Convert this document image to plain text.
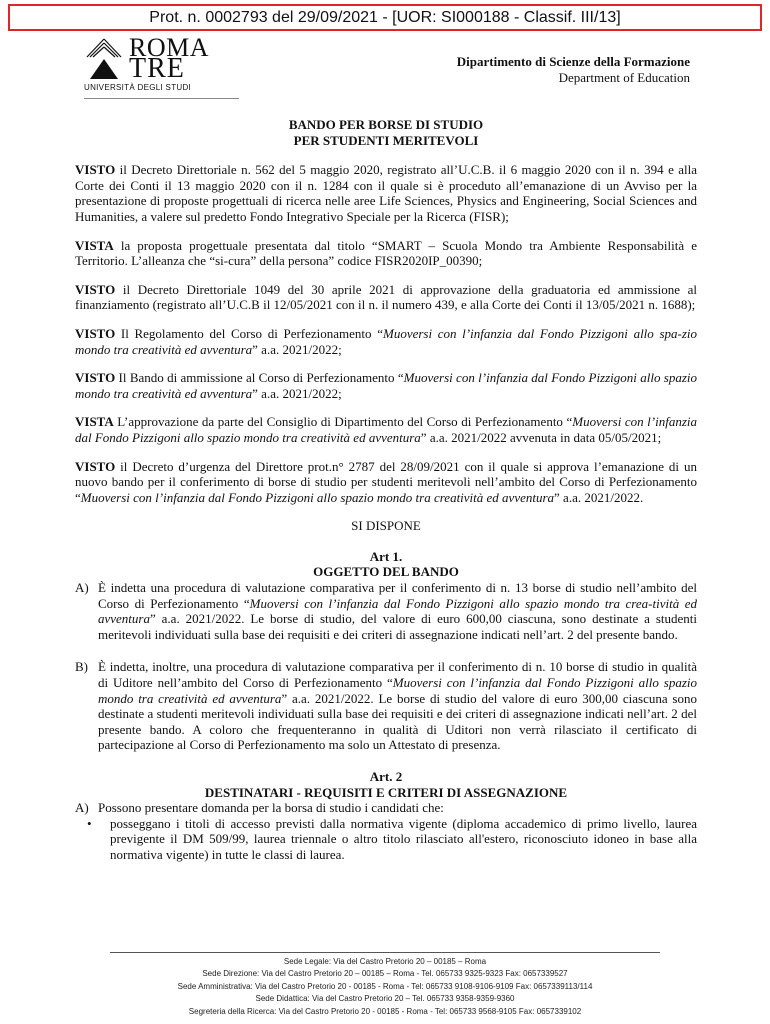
Prot. n. 0002793 del 29/09/2021 - [UOR: SI000188 - Classif. III/13]
ROMA
TRE
UNIVERSITÀ DEGLI STUDI
Dipartimento di Scienze della Formazione
Department of Education
BANDO PER BORSE DI STUDIO
PER STUDENTI MERITEVOLI

VISTO il Decreto Direttoriale n. 562 del 5 maggio 2020, registrato all’U.C.B. il 6 maggio 2020 con il n. 394 e alla Corte dei Conti il 13 maggio 2020 con il n. 1284 con il quale si è proceduto all’emanazione di un Avviso per la presentazione di proposte progettuali di ricerca nelle aree Life Sciences, Physics and Engineering, Social Sciences and Humanities, a valere sul predetto Fondo Integrativo Speciale per la Ricerca (FISR);

VISTA la proposta progettuale presentata dal titolo “SMART – Scuola Mondo tra Ambiente Responsabilità e Territorio. L’alleanza che “si-cura” della persona” codice FISR2020IP_00390;

VISTO il Decreto Direttoriale 1049 del 30 aprile 2021 di approvazione della graduatoria ed ammissione al finanziamento (registrato all’U.C.B il 12/05/2021 con il n. il numero 439, e alla Corte dei Conti il 13/05/2021 n. 1688);

VISTO Il Regolamento del Corso di Perfezionamento “Muoversi con l’infanzia dal Fondo Pizzigoni allo spa-zio mondo tra creatività ed avventura” a.a. 2021/2022;

VISTO Il Bando di ammissione al Corso di Perfezionamento “Muoversi con l’infanzia dal Fondo Pizzigoni allo spazio mondo tra creatività ed avventura” a.a. 2021/2022;

VISTA L’approvazione da parte del Consiglio di Dipartimento del Corso di Perfezionamento “Muoversi con l’infanzia dal Fondo Pizzigoni allo spazio mondo tra creatività ed avventura” a.a. 2021/2022 avvenuta in data 05/05/2021;

VISTO il Decreto d’urgenza del Direttore prot.n° 2787 del 28/09/2021 con il quale si approva l’emanazione di un nuovo bando per il conferimento di borse di studio per studenti meritevoli nell’ambito del Corso di Perfezionamento “Muoversi con l’infanzia dal Fondo Pizzigoni allo spazio mondo tra creatività ed avventura” a.a. 2021/2022.

SI DISPONE

Art 1.
OGGETTO DEL BANDO

A) È indetta una procedura di valutazione comparativa per il conferimento di n. 13 borse di studio nell’ambito del Corso di Perfezionamento “Muoversi con l’infanzia dal Fondo Pizzigoni allo spazio mondo tra crea-tività ed avventura” a.a. 2021/2022. Le borse di studio, del valore di euro 600,00 ciascuna, sono destinate a studenti meritevoli individuati sulla base dei requisiti e dei criteri di assegnazione indicati nell’art. 2 del presente bando.

B) È indetta, inoltre, una procedura di valutazione comparativa per il conferimento di n. 10 borse di studio in qualità di Uditore nell’ambito del Corso di Perfezionamento “Muoversi con l’infanzia dal Fondo Pizzigoni allo spazio mondo tra creatività ed avventura” a.a. 2021/2022. Le borse di studio del valore di euro 300,00 ciascuna sono destinate a studenti meritevoli individuati sulla base dei requisiti e dei criteri di assegnazione indicati nell’art. 2 del presente bando. A coloro che frequenteranno in qualità di Uditori non verrà rilasciato il certificato di partecipazione al Corso di Perfezionamento ma solo un Attestato di presenza.

Art. 2
DESTINATARI - REQUISITI E CRITERI DI ASSEGNAZIONE

A) Possono presentare domanda per la borsa di studio i candidati che:

• posseggano i titoli di accesso previsti dalla normativa vigente (diploma accademico di primo livello, laurea previgente il DM 509/99, laurea triennale o altro titolo rilasciato all'estero, riconosciuto idoneo in base alla normativa vigente) in tutte le classi di laurea.

Sede Legale: Via del Castro Pretorio 20 – 00185 – Roma
Sede Direzione: Via del Castro Pretorio 20 – 00185 – Roma - Tel. 065733 9325-9323 Fax: 0657339527
Sede Amministrativa: Via del Castro Pretorio 20 - 00185 - Roma - Tel: 065733 9108-9106-9109 Fax: 0657339113/114
Sede Didattica: Via del Castro Pretorio 20 – Tel. 065733 9358-9359-9360
Segreteria della Ricerca: Via del Castro Pretorio 20 - 00185 - Roma - Tel: 065733 9568-9105 Fax: 0657339102
